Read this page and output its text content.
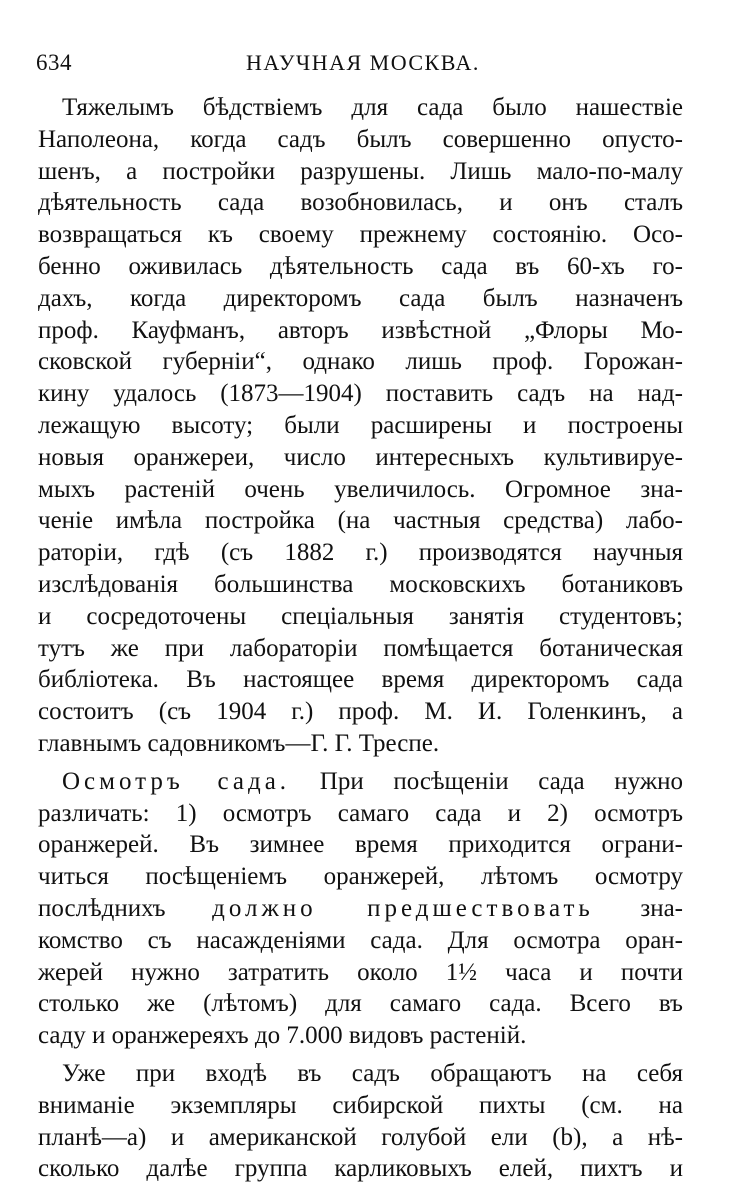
634	НАУЧНАЯ МОСКВА.
Тяжелымъ бѣдствіемъ для сада было нашествіе
Наполеона, когда садъ былъ совершенно опусто-
шенъ, а постройки разрушены. Лишь мало-по-малу
дѣятельность сада возобновилась, и онъ сталъ
возвращаться къ своему прежнему состоянію. Осо-
бенно оживилась дѣятельность сада въ 60-хъ го-
дахъ, когда директоромъ сада былъ назначенъ
проф. Кауфманъ, авторъ извѣстной „Флоры Мо-
сковской губерніи“, однако лишь проф. Горожан-
кину удалось (1873—1904) поставить садъ на над-
лежащую высоту; были расширены и построены
новыя оранжереи, число интересныхъ культивируе-
мыхъ растеній очень увеличилось. Огромное зна-
ченіе имѣла постройка (на частныя средства) лабо-
раторіи, гдѣ (съ 1882 г.) производятся научныя
изслѣдованія большинства московскихъ ботаниковъ
и сосредоточены спеціальныя занятія студентовъ;
тутъ же при лабораторіи помѣщается ботаническая
библіотека. Въ настоящее время директоромъ сада
состоитъ (съ 1904 г.) проф. М. И. Голенкинъ, а
главнымъ садовникомъ—Г. Г. Треспе.
Осмотръ сада. При посѣщеніи сада нужно
различать: 1) осмотръ самаго сада и 2) осмотръ
оранжерей. Въ зимнее время приходится ограни-
читься посѣщеніемъ оранжерей, лѣтомъ осмотру
послѣднихъ должно предшествовать зна-
комство съ насажденіями сада. Для осмотра оран-
жерей нужно затратить около 1½ часа и почти
столько же (лѣтомъ) для самаго сада. Всего въ
саду и оранжереяхъ до 7.000 видовъ растеній.
Уже при входѣ въ садъ обращаютъ на себя
вниманіе экземпляры сибирской пихты (см. на
планѣ—а) и американской голубой ели (b), а нѣ-
сколько далѣе группа карликовыхъ елей, пихтъ и
